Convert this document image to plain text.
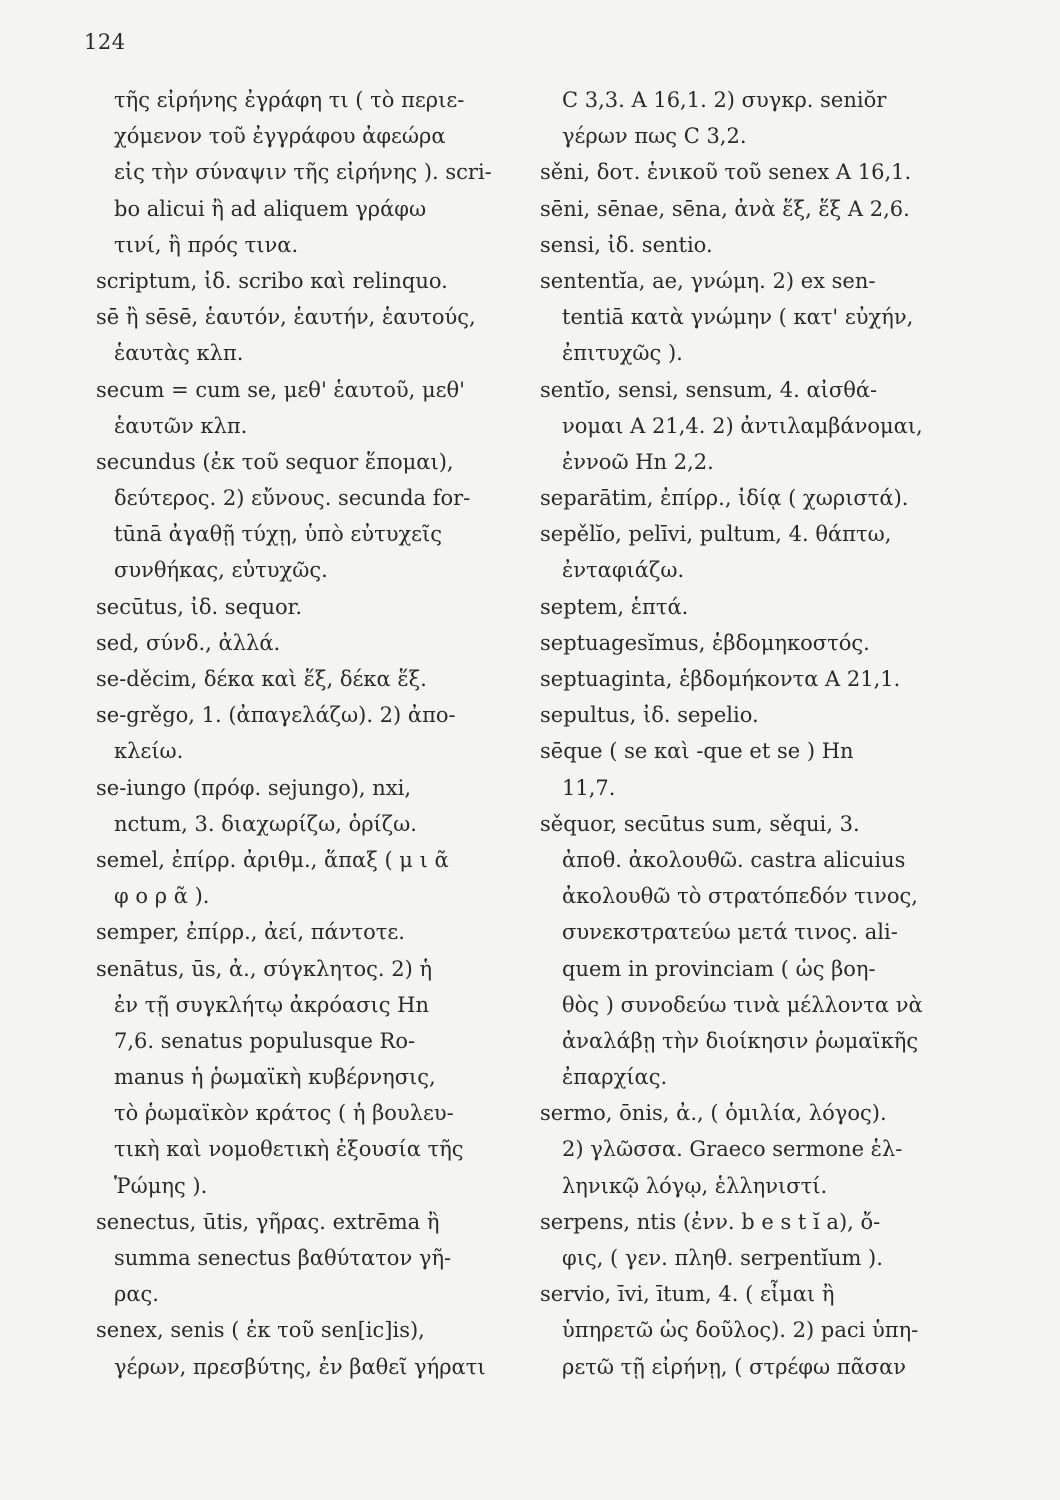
124
τῆς εἰρήνης ἐγράφη τι ( τὸ περιε-
χόμενον τοῦ ἐγγράφου ἀφεώρα
εἰς τὴν σύναψιν τῆς εἰρήνης ). scri-
bo alicui ἢ ad aliquem γράφω
τινί, ἢ πρός τινα.
scriptum, ἰδ. scribo καὶ relinquo.
sē ἢ sēsē, ἑαυτόν, ἑαυτήν, ἑαυτούς,
ἑαυτὰς κλπ.
secum = cum se, μεθ' ἑαυτοῦ, μεθ'
ἑαυτῶν κλπ.
secundus (ἐκ τοῦ sequor ἕπομαι),
δεύτερος. 2) εὔνους. secunda for-
tūnā ἀγαθῇ τύχῃ, ὑπὸ εὐτυχεῖς
συνθήκας, εὐτυχῶς.
secūtus, ἰδ. sequor.
sed, σύνδ., ἀλλά.
se-děcim, δέκα καὶ ἕξ, δέκα ἕξ.
se-grěgo, 1. (ἀπαγελάζω). 2) ἀπο-
κλείω.
se-iungo (πρόφ. sejungo), nxi,
nctum, 3. διαχωρίζω, ὁρίζω.
semel, ἐπίρρ. ἀριθμ., ἅπαξ ( μ ι ᾶ
φ ο ρ ᾶ ).
semper, ἐπίρρ., ἀεί, πάντοτε.
senātus, ūs, ἀ., σύγκλητος. 2) ἡ
ἐν τῇ συγκλήτῳ ἀκρόασις Hn
7,6. senatus populusque Ro-
manus ἡ ῥωμαϊκὴ κυβέρνησις,
τὸ ῥωμαϊκὸν κράτος ( ἡ βουλευ-
τικὴ καὶ νομοθετικὴ ἐξουσία τῆς
Ῥώμης ).
senectus, ūtis, γῆρας. extrēma ἢ
summa senectus βαθύτατον γῆ-
ρας.
senex, senis ( ἐκ τοῦ sen[ic]is),
γέρων, πρεσβύτης, ἐν βαθεῖ γήρατι
C 3,3. A 16,1. 2) συγκρ. seniŏr
γέρων πως C 3,2.
sěni, δοτ. ἑνικοῦ τοῦ senex A 16,1.
sēni, sēnae, sēna, ἀνὰ ἕξ, ἕξ A 2,6.
sensi, ἰδ. sentio.
sententĭa, ae, γνώμη. 2) ex sen-
tentiā κατὰ γνώμην ( κατ' εὐχήν,
ἐπιτυχῶς ).
sentĭo, sensi, sensum, 4. αἰσθά-
νομαι A 21,4. 2) ἀντιλαμβάνομαι,
ἐννοῶ Hn 2,2.
separātim, ἐπίρρ., ἰδίᾳ ( χωριστά).
sepělĭo, pelīvi, pultum, 4. θάπτω,
ἐνταφιάζω.
septem, ἑπτά.
septuagesĭmus, ἑβδομηκοστός.
septuaginta, ἑβδομήκοντα A 21,1.
sepultus, ἰδ. sepelio.
sēque ( se καὶ -que et se ) Hn
11,7.
sěquor, secūtus sum, sěqui, 3.
ἀποθ. ἀκολουθῶ. castra alicuius
ἀκολουθῶ τὸ στρατόπεδόν τινος,
συνεκστρατεύω μετά τινος. ali-
quem in provinciam ( ὡς βοη-
θὸς ) συνοδεύω τινὰ μέλλοντα νὰ
ἀναλάβῃ τὴν διοίκησιν ῥωμαϊκῆς
ἐπαρχίας.
sermo, ōnis, ἀ., ( ὁμιλία, λόγος).
2) γλῶσσα. Graeco sermone ἑλ-
ληνικῷ λόγῳ, ἑλληνιστί.
serpens, ntis (ἐνν. b e s t ĭ a), ὄ-
φις, ( γεν. πληθ. serpentĭum ).
servio, īvi, ītum, 4. ( εἶμαι ἢ
ὑπηρετῶ ὡς δοῦλος). 2) paci ὑπη-
ρετῶ τῇ εἰρήνῃ, ( στρέφω πᾶσαν
